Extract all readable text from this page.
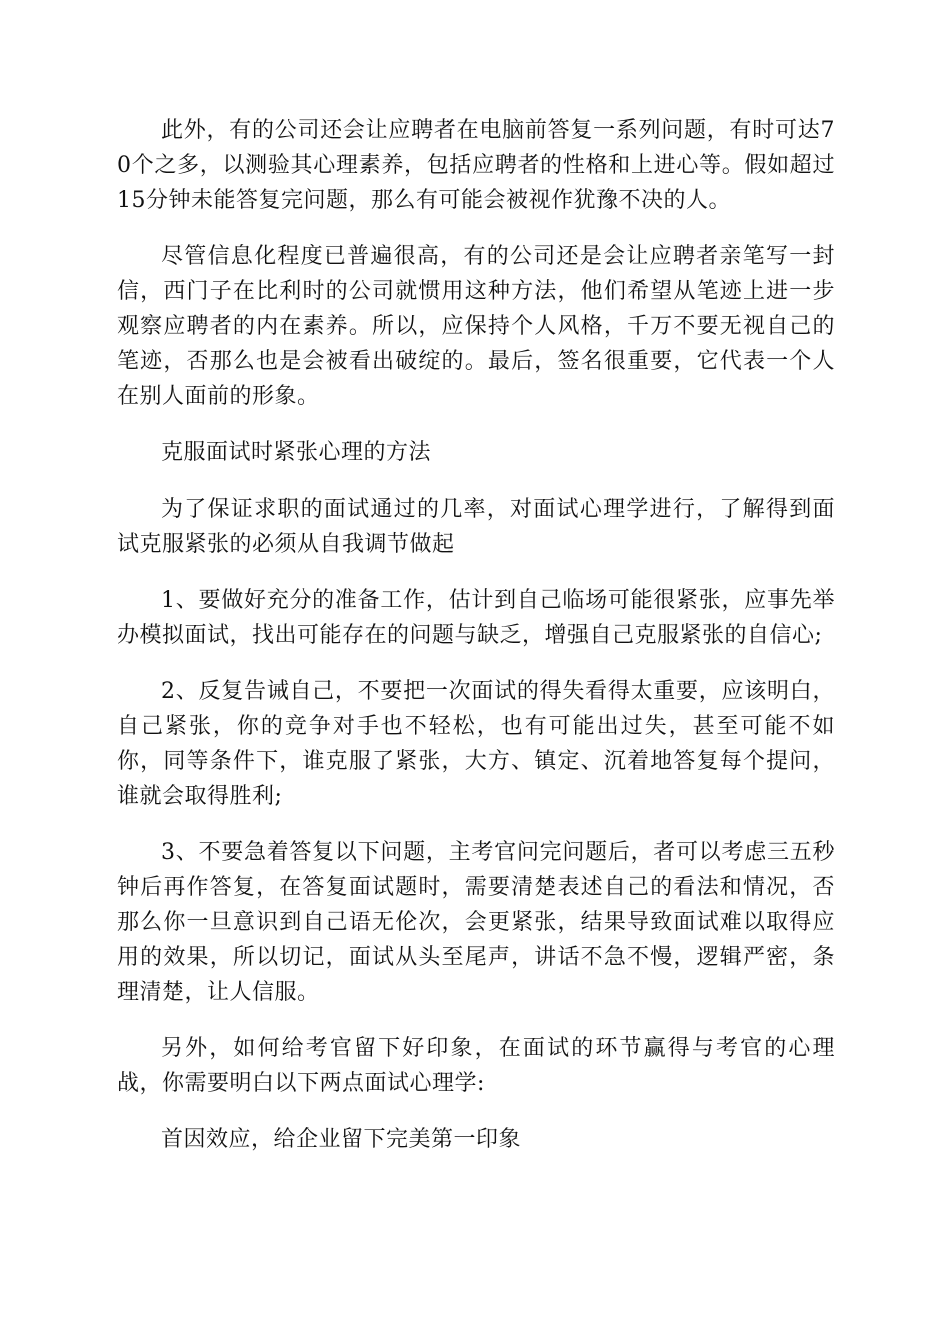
此外，有的公司还会让应聘者在电脑前答复一系列问题，有时可达70个之多，以测验其心理素养，包括应聘者的性格和上进心等。假如超过15分钟未能答复完问题，那么有可能会被视作犹豫不决的人。

尽管信息化程度已普遍很高，有的公司还是会让应聘者亲笔写一封信，西门子在比利时的公司就惯用这种方法，他们希望从笔迹上进一步观察应聘者的内在素养。所以，应保持个人风格，千万不要无视自己的笔迹，否那么也是会被看出破绽的。最后，签名很重要，它代表一个人在别人面前的形象。

克服面试时紧张心理的方法

为了保证求职的面试通过的几率，对面试心理学进行，了解得到面试克服紧张的必须从自我调节做起

1、要做好充分的准备工作，估计到自己临场可能很紧张，应事先举办模拟面试，找出可能存在的问题与缺乏，增强自己克服紧张的自信心;

2、反复告诫自己，不要把一次面试的得失看得太重要，应该明白，自己紧张，你的竞争对手也不轻松，也有可能出过失，甚至可能不如你，同等条件下，谁克服了紧张，大方、镇定、沉着地答复每个提问，谁就会取得胜利;

3、不要急着答复以下问题，主考官问完问题后，者可以考虑三五秒钟后再作答复，在答复面试题时，需要清楚表述自己的看法和情况，否那么你一旦意识到自己语无伦次，会更紧张，结果导致面试难以取得应用的效果，所以切记，面试从头至尾声，讲话不急不慢，逻辑严密，条理清楚，让人信服。

另外，如何给考官留下好印象，在面试的环节赢得与考官的心理战，你需要明白以下两点面试心理学:

首因效应，给企业留下完美第一印象
